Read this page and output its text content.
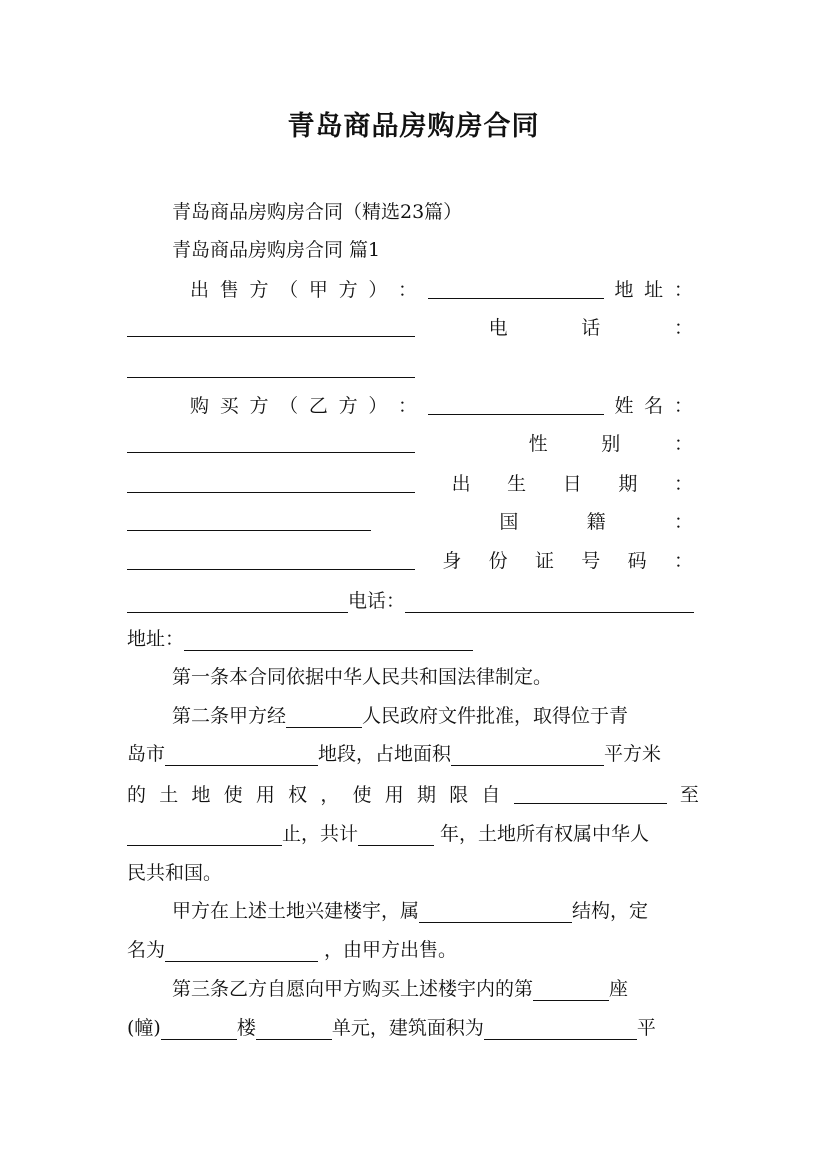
青岛商品房购房合同
青岛商品房购房合同（精选23篇）
青岛商品房购房合同 篇1
出 售 方 （ 甲 方 ） ：	地 址 ：
电	话	：
购 买 方 （ 乙 方 ） ：	姓 名 ：
性	别	：
出 生 日 期 ：
国	籍	：
身 份 证 号 码 ：
电话：
地址：
第一条本合同依据中华人民共和国法律制定。
第二条甲方经	人民政府文件批准，取得位于青
岛市	地段，占地面积	平方米
的 土 地 使 用 权 ， 使 用 期 限 自	至
止，共计	年，土地所有权属中华人
民共和国。
甲方在上述土地兴建楼宇，属	结构，定
名为	，由甲方出售。
第三条乙方自愿向甲方购买上述楼宇内的第	座
(幢)	楼	单元，建筑面积为	平
